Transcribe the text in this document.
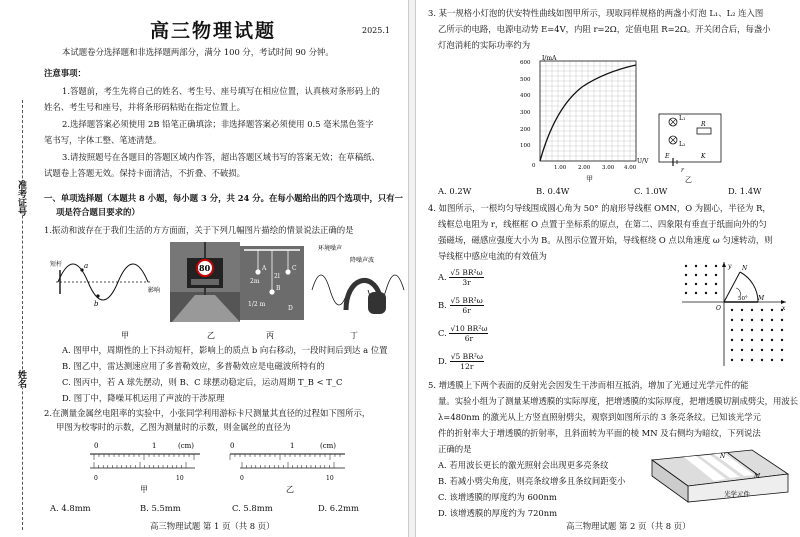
高三物理试题	2025.1
准考证号
姓名
本试题卷分选择题和非选择题两部分，满分 100 分，考试时间 90 分钟。
注意事项：
1.答题前，考生先将自己的姓名、考生号、座号填写在相应位置，认真核对条形码上的
姓名、考生号和座号，并将条形码粘贴在指定位置上。
2.选择题答案必须使用 2B 铅笔正确填涂；非选择题答案必须使用 0.5 毫米黑色签字
笔书写，字体工整、笔迹清楚。
3.请按照题号在各题目的答题区域内作答，超出答题区域书写的答案无效；在草稿纸、
试题卷上答题无效。保持卡面清洁，不折叠、不破损。
一、单项选择题（本题共 8 小题，每小题 3 分，共 24 分。在每小题给出的四个选项中，只有一
项是符合题目要求的）
1.振动和波存在于我们生活的方方面面，关于下列几幅图片描绘的情景说法正确的是
短杆	a
b
影响
80	A
2m
B
2l
C
1/2 m
D
环境噪声
降噪声波
甲	乙	丙	丁
A. 图甲中，周期性的上下抖动短杆，影响上的质点 b 向右移动，一段时间后到达 a 位置
B. 图乙中，雷达测速应用了多普勒效应，多普勒效应是电磁波所特有的
C. 图丙中，若 A 球先摆动，则 B、C 球摆动稳定后，运动周期 T_B < T_C
D. 图丁中，降噪耳机运用了声波的干涉原理
2.在测量金属丝电阻率的实验中，小张同学利用游标卡尺测量其直径的过程如下图所示，
甲图为校零时的示数，乙图为测量时的示数，则金属丝的直径为
0	1	(cm)
0	10
甲
0	1	(cm)
0	10
乙
A. 4.8mm	B. 5.5mm	C. 5.8mm	D. 6.2mm
高三物理试题 第 1 页（共 8 页）
3. 某一规格小灯泡的伏安特性曲线如图甲所示，现取同样规格的两盏小灯泡 L₁、L₂ 连入图
乙所示的电路，电源电动势 E=4V，内阻 r=2Ω，定值电阻 R=2Ω。开关闭合后，每盏小
灯泡消耗的实际功率约为
I/mA
U/V
600
500
400
300
200
100
0	1.00 2.00 3.00 4.00
甲
L₁
L₂
R
E
r
K
乙
A. 0.2W	B. 0.4W	C. 1.0W	D. 1.4W
4. 如图所示，一根均匀导线围成圆心角为 50° 的扇形导线框 OMN，O 为圆心，半径为 R，
线框总电阻为 r，线框框 O 点置于坐标系的原点，在第二、四象限有垂直于纸面向外的匀
强磁场，磁感应强度大小为 B。从图示位置开始，导线框绕 O 点以角速度 ω 匀速转动，则
导线框中感应电流的有效值为
A. $\frac{\text{√5 BR²ω}}{3r}$
B. $\frac{\text{√5 BR²ω}}{6r}$
C. $\frac{\text{√10 BR²ω}}{6r}$
D. $\frac{\text{√5 BR²ω}}{12r}$
y N
50° M
x
O
5. 增透膜上下两个表面的反射光会因发生干涉而相互抵消，增加了光通过光学元件的能
量。实验小组为了测量某增透膜的实际厚度，把增透膜的实际厚度，把增透膜切割成劈尖，用波长
λ=480nm 的激光从上方竖直照射劈尖，观察到如图所示的 3 条亮条纹。已知该光学元
件的折射率大于增透膜的折射率，且斜面转为平面的棱 MN 及右侧均为暗纹，下列说法
正确的是
A. 若用波长更长的激光照射会出现更多亮条纹
B. 若减小劈尖角度，则亮条纹增多且条纹间距变小
C. 该增透膜的厚度约为 600nm
D. 该增透膜的厚度约为 720nm
N
M
光学元件
高三物理试题 第 2 页（共 8 页）
